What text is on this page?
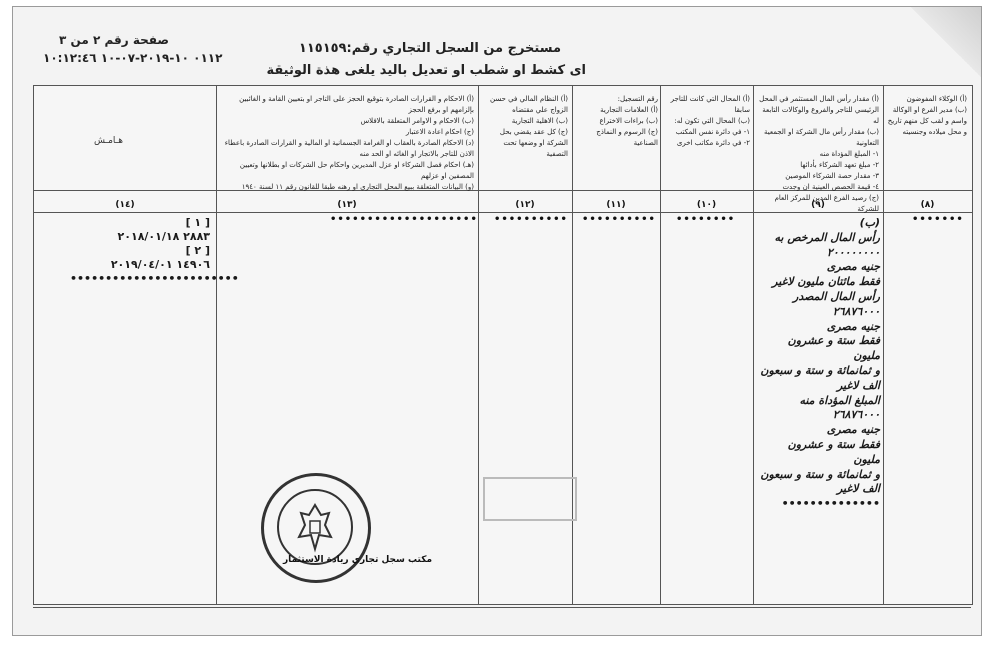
صفحة رقم ٢ من ٣
٠١١٢ ١٠-٢٠١٩-٠٧-١٠ ١٠:١٢:٤٦
مستخرج من السجل التجاري رقم:١١٥١٥٩
اى كشط او شطب او تعديل باليد يلغى هذة الوثيقة
(أ) الوكلاء المفوضون
(ب) مدير الفرع او الوكالة واسم و لقب كل منهم تاريخ و محل ميلاده وجنسيته
(أ) مقدار رأس المال المستثمر في المحل الرئيسي للتاجر والفروع والوكالات التابعة له
(ب) مقدار رأس مال الشركة او الجمعية التعاونية
١- المبلغ المؤداة منه
٢- مبلغ تعهد الشركاء بأدائها
٣- مقدار حصة الشركاء الموصين
٤- قيمة الحصص العينية ان وجدت
(ج) رصيد الفرع المدين للمركز العام للشركة
(أ) المحال التي كانت للتاجر سابقا
(ب) المحال التي تكون له:
١- في دائرة نفس المكتب
٢- في دائرة مكاتب اخرى
رقم التسجيل:
(أ) العلامات التجارية
(ب) براءات الاختراع
(ج) الرسوم و النماذج الصناعية
(أ) النظام المالي في حسن الزواج علي مقتضاه
(ب) الاهلية التجارية
(ج) كل عقد يقضي بحل الشركة او وضعها تحت التصفية
(أ) الاحكام و القرارات الصادرة بتوقيع الحجز على التاجر او بتعيين القامة و الغائبين بإلزامهم او برفع الحجز
(ب) الاحكام و الاوامر المتعلقة بالافلاس
(ج) احكام اعادة الاعتبار
(د) الاحكام الصادرة بالعقاب او الغرامة الجسمانية او المالية و القرارات الصادرة باعطاء الاذن للتاجر بالاتجار او الغائه او الحد منه
(هـ) احكام فصل الشركاء او عزل المديرين واحكام حل الشركات او بطلانها وتعيين المصفين او عزلهم
(و) البيانات المتعلقة ببيع المحل التجاري او رهنه طبقا للقانون رقم ١١ لسنة ١٩٤٠
هـامـش
(٨)
(٩)
(١٠)
(١١)
(١٢)
(١٣)
(١٤)
•••••••
••••••••
••••••••••
••••••••••
••••••••••••••••••••	(ب)
رأس المال المرخص به ٢٠٠٠٠٠٠٠٠
جنيه مصرى
فقط مائتان مليون لاغير
رأس المال المصدر ٢٦٨٧٦٠٠٠
جنيه مصرى
فقط ستة و عشرون مليون
و ثمانمائة و ستة و سبعون
الف لاغير
المبلغ المؤداة منه ٢٦٨٧٦٠٠٠
جنيه مصرى
فقط ستة و عشرون مليون
و ثمانمائة و ستة و سبعون
الف لاغير
••••••••••••••
[ ١ ]
٢٨٨٣ ٢٠١٨/٠١/١٨
[ ٢ ]
١٤٩٠٦ ٢٠١٩/٠٤/٠١
••••••••••••••••••••••••
مكتب سجل تجاري ريادة الاستثمار
